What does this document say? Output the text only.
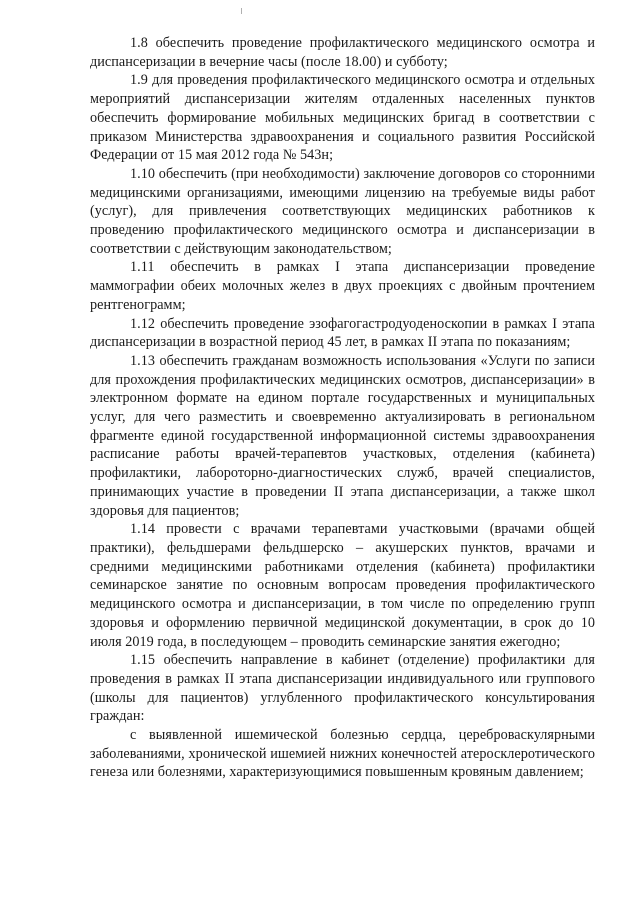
1.8 обеспечить проведение профилактического медицинского осмотра и диспансеризации в вечерние часы (после 18.00) и субботу;

1.9 для проведения профилактического медицинского осмотра и отдельных мероприятий диспансеризации жителям отдаленных населенных пунктов обеспечить формирование мобильных медицинских бригад в соответствии с приказом Министерства здравоохранения и социального развития Российской Федерации от 15 мая 2012 года № 543н;

1.10 обеспечить (при необходимости) заключение договоров со сторонними медицинскими организациями, имеющими лицензию на требуемые виды работ (услуг), для привлечения соответствующих медицинских работников к проведению профилактического медицинского осмотра и диспансеризации в соответствии с действующим законодательством;

1.11 обеспечить в рамках I этапа диспансеризации проведение маммографии обеих молочных желез в двух проекциях с двойным прочтением рентгенограмм;

1.12 обеспечить проведение эзофагогастродуоденоскопии в рамках I этапа диспансеризации в возрастной период 45 лет, в рамках II этапа по показаниям;

1.13 обеспечить гражданам возможность использования «Услуги по записи для прохождения профилактических медицинских осмотров, диспансеризации» в электронном формате на едином портале государственных и муниципальных услуг, для чего разместить и своевременно актуализировать в региональном фрагменте единой государственной информационной системы здравоохранения расписание работы врачей-терапевтов участковых, отделения (кабинета) профилактики, лабороторно-диагностических служб, врачей специалистов, принимающих участие в проведении II этапа диспансеризации, а также школ здоровья для пациентов;

1.14 провести с врачами терапевтами участковыми (врачами общей практики), фельдшерами фельдшерско – акушерских пунктов, врачами и средними медицинскими работниками отделения (кабинета) профилактики семинарское занятие по основным вопросам проведения профилактического медицинского осмотра и диспансеризации, в том числе по определению групп здоровья и оформлению первичной медицинской документации, в срок до 10 июля 2019 года, в последующем – проводить семинарские занятия ежегодно;

1.15 обеспечить направление в кабинет (отделение) профилактики для проведения в рамках II этапа диспансеризации индивидуального или группового (школы для пациентов) углубленного профилактического консультирования граждан:

с выявленной ишемической болезнью сердца, цереброваскулярными заболеваниями, хронической ишемией нижних конечностей атеросклеротического генеза или болезнями, характеризующимися повышенным кровяным давлением;
